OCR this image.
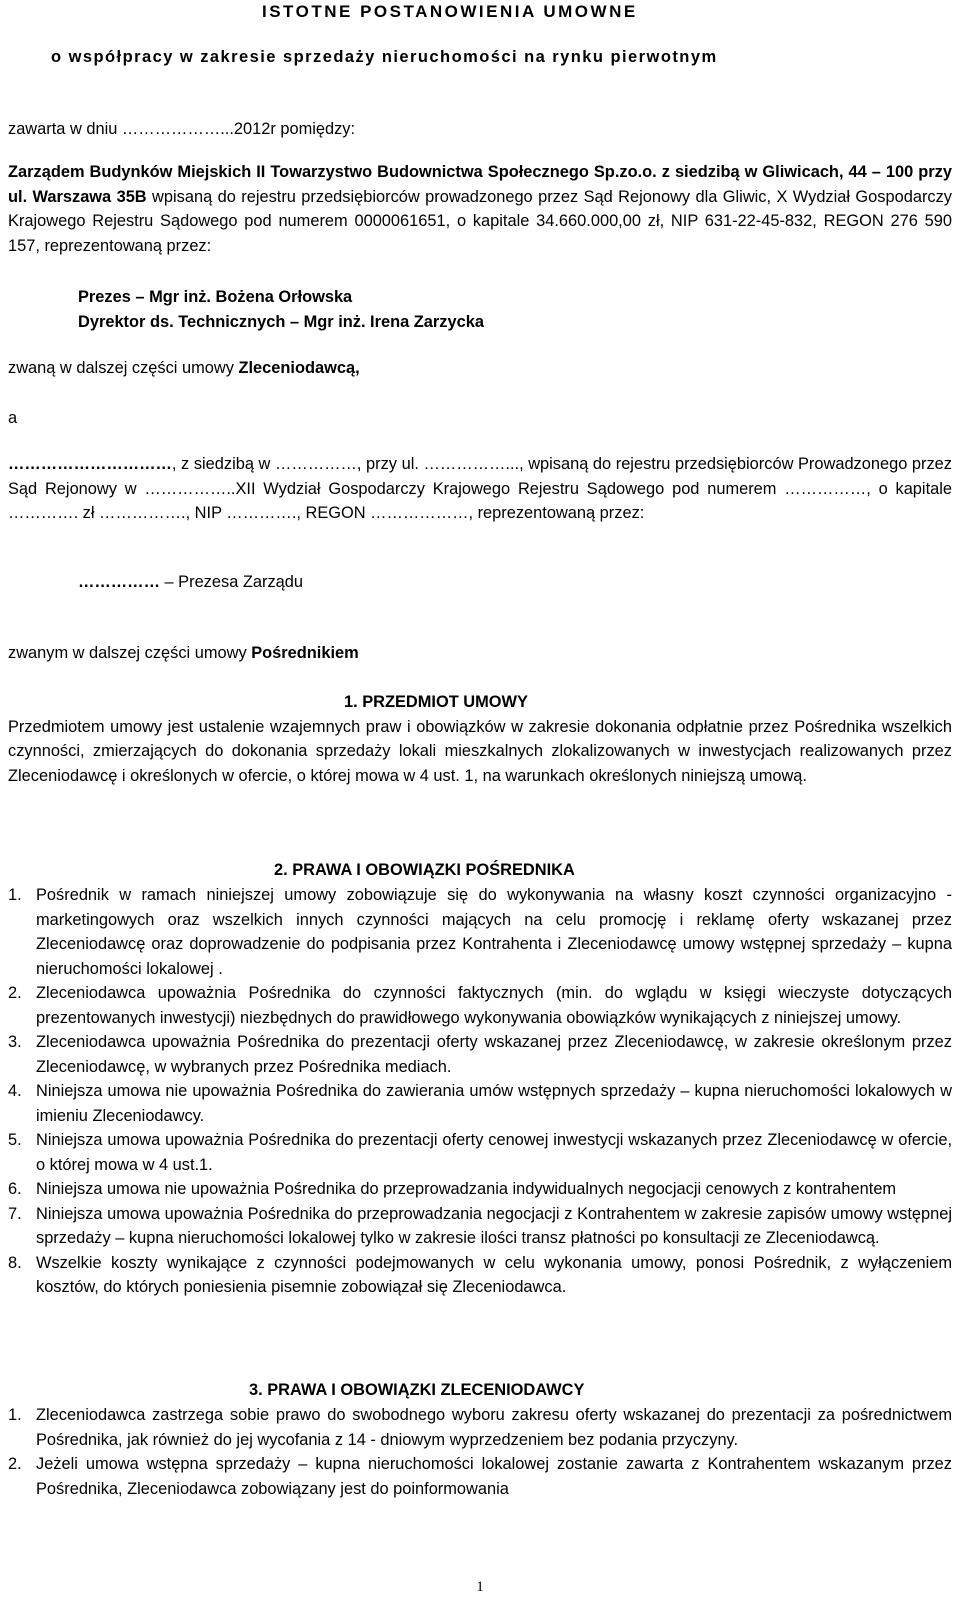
ISTOTNE POSTANOWIENIA UMOWNE
o współpracy w zakresie sprzedaży nieruchomości na rynku pierwotnym
zawarta w dniu ………………...2012r pomiędzy:
Zarządem Budynków Miejskich II Towarzystwo Budownictwa Społecznego Sp.zo.o. z siedzibą w Gliwicach, 44 – 100 przy ul. Warszawa 35B wpisaną do rejestru przedsiębiorców prowadzonego przez Sąd Rejonowy dla Gliwic, X Wydział Gospodarczy Krajowego Rejestru Sądowego pod numerem 0000061651, o kapitale 34.660.000,00 zł, NIP 631-22-45-832, REGON 276 590 157, reprezentowaną przez:
Prezes – Mgr inż. Bożena Orłowska
Dyrektor ds. Technicznych – Mgr inż. Irena Zarzycka
zwaną w dalszej części umowy Zleceniodawcą,
a
…………………………, z siedzibą w ……………, przy ul. ……………..., wpisaną do rejestru przedsiębiorców Prowadzonego przez Sąd Rejonowy w ……………..XII Wydział Gospodarczy Krajowego Rejestru Sądowego pod numerem ……………, o kapitale …………. zł ……………., NIP …………., REGON ………………, reprezentowaną przez:
…………… – Prezesa Zarządu
zwanym w dalszej części umowy Pośrednikiem
1. PRZEDMIOT UMOWY
Przedmiotem umowy jest ustalenie wzajemnych praw i obowiązków w zakresie dokonania odpłatnie przez Pośrednika wszelkich czynności, zmierzających do dokonania sprzedaży lokali mieszkalnych zlokalizowanych w inwestycjach realizowanych przez Zleceniodawcę i określonych w ofercie, o której mowa w 4 ust. 1, na warunkach określonych niniejszą umową.
2. PRAWA I OBOWIĄZKI POŚREDNIKA
1. Pośrednik w ramach niniejszej umowy zobowiązuje się do wykonywania na własny koszt czynności organizacyjno - marketingowych oraz wszelkich innych czynności mających na celu promocję i reklamę oferty wskazanej przez Zleceniodawcę oraz doprowadzenie do podpisania przez Kontrahenta i Zleceniodawcę umowy wstępnej sprzedaży – kupna nieruchomości lokalowej .
2. Zleceniodawca upoważnia Pośrednika do czynności faktycznych (min. do wglądu w księgi wieczyste dotyczących prezentowanych inwestycji) niezbędnych do prawidłowego wykonywania obowiązków wynikających z niniejszej umowy.
3. Zleceniodawca upoważnia Pośrednika do prezentacji oferty wskazanej przez Zleceniodawcę, w zakresie określonym przez Zleceniodawcę, w wybranych przez Pośrednika mediach.
4. Niniejsza umowa nie upoważnia Pośrednika do zawierania umów wstępnych sprzedaży – kupna nieruchomości lokalowych w imieniu Zleceniodawcy.
5. Niniejsza umowa upoważnia Pośrednika do prezentacji oferty cenowej inwestycji wskazanych przez Zleceniodawcę w ofercie, o której mowa w 4 ust.1.
6. Niniejsza umowa nie upoważnia Pośrednika do przeprowadzania indywidualnych negocjacji cenowych z kontrahentem
7. Niniejsza umowa upoważnia Pośrednika do przeprowadzania negocjacji z Kontrahentem w zakresie zapisów umowy wstępnej sprzedaży – kupna nieruchomości lokalowej tylko w zakresie ilości transz płatności po konsultacji ze Zleceniodawcą.
8. Wszelkie koszty wynikające z czynności podejmowanych w celu wykonania umowy, ponosi Pośrednik, z wyłączeniem kosztów, do których poniesienia pisemnie zobowiązał się Zleceniodawca.
3. PRAWA I OBOWIĄZKI ZLECENIODAWCY
1. Zleceniodawca zastrzega sobie prawo do swobodnego wyboru zakresu oferty wskazanej do prezentacji za pośrednictwem Pośrednika, jak również do jej wycofania z 14 - dniowym wyprzedzeniem bez podania przyczyny.
2. Jeżeli umowa wstępna sprzedaży – kupna nieruchomości lokalowej zostanie zawarta z Kontrahentem wskazanym przez Pośrednika, Zleceniodawca zobowiązany jest do poinformowania
1
